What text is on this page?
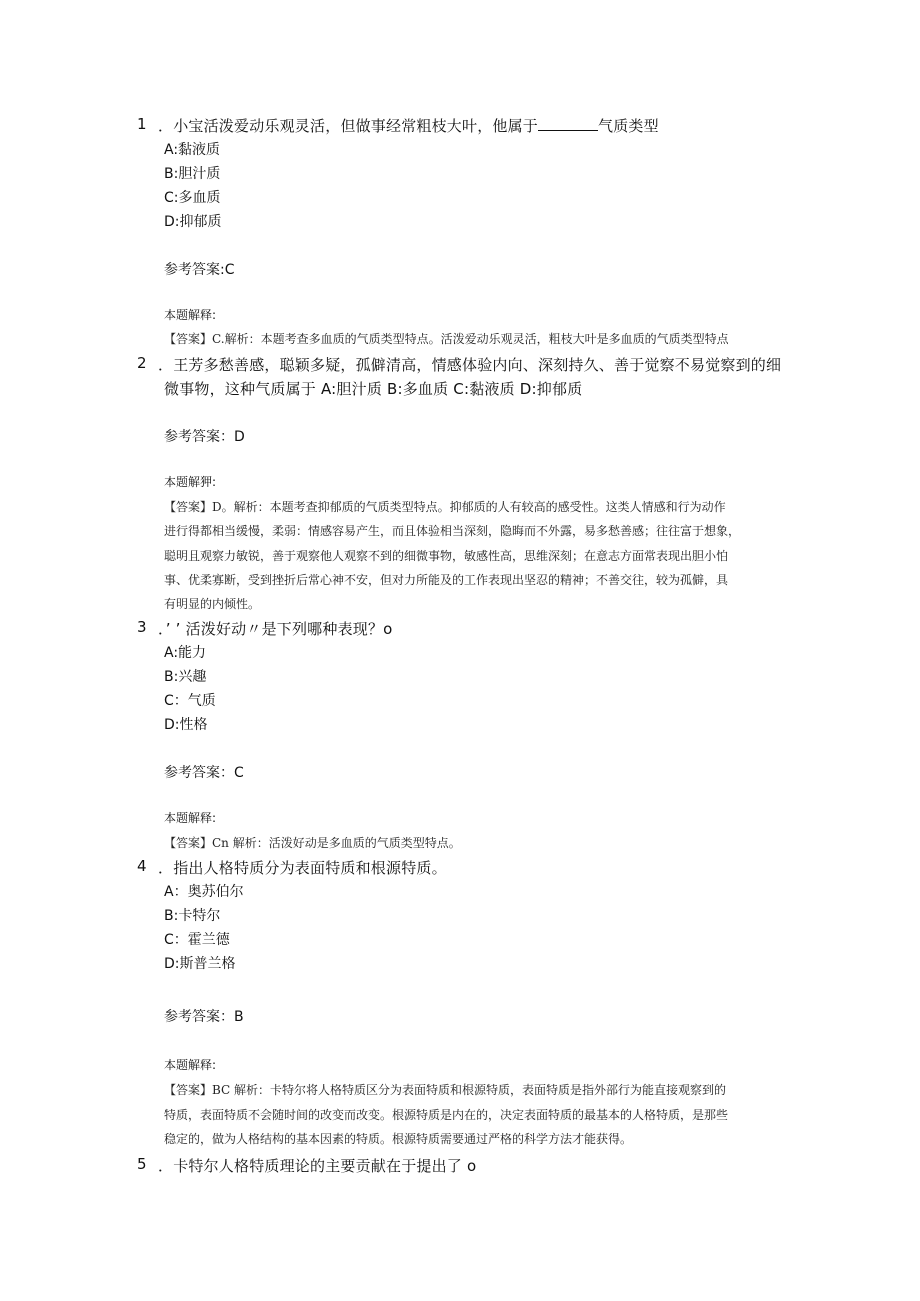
1 ．小宝活泼爱动乐观灵活，但做事经常粗枝大叶，他属于	气质类型
A:黏液质
B:胆汁质
C:多血质
D:抑郁质
参考答案:C
本题解释:
【答案】C.解析：本题考查多血质的气质类型特点。活泼爱动乐观灵活，粗枝大叶是多血质的气质类型特点
2 ．王芳多愁善感，聪颖多疑，孤僻清高，情感体验内向、深刻持久、善于觉察不易觉察到的细
微事物，这种气质属于 A:胆汁质 B:多血质 C:黏液质 D:抑郁质
参考答案：D
本题解狎:
【答案】D。解析：本题考查抑郁质的气质类型特点。抑郁质的人有较高的感受性。这类人情感和行为动作
进行得都相当缓慢，柔弱：情感容易产生，而且体验相当深刻，隐晦而不外露，易多愁善感；往往富于想象，
聪明且观察力敏锐，善于观察他人观察不到的细微事物，敏感性高，思维深刻；在意志方面常表现出胆小怕
事、优柔寡断，受到挫折后常心神不安，但对力所能及的工作表现出坚忍的精神；不善交往，较为孤僻，具
有明显的内倾性。
3 ．’ ’ 活泼好动〃是下列哪种表现？o
A:能力
B:兴趣
C：气质
D:性格
参考答案：C
本题解释:
【答案】Cn 解析：活泼好动是多血质的气质类型特点。
4 ．指出人格特质分为表面特质和根源特质。
A：奥苏伯尔
B:卡特尔
C：霍兰德
D:斯普兰格
参考答案：B
本题解释:
【答案】BC 解析：卡特尔将人格特质区分为表面特质和根源特质，表面特质是指外部行为能直接观察到的
特质，表面特质不会随时间的改变而改变。根源特质是内在的，决定表面特质的最基本的人格特质，是那些
稳定的，做为人格结构的基本因素的特质。根源特质需要通过严格的科学方法才能获得。
5 ．卡特尔人格特质理论的主要贡献在于提出了 o
